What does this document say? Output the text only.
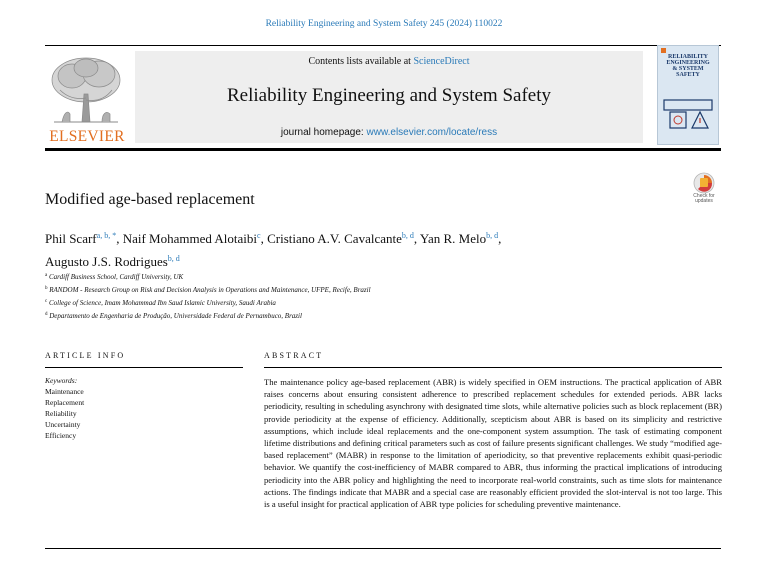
Reliability Engineering and System Safety 245 (2024) 110022
ELSEVIER
Contents lists available at ScienceDirect
Reliability Engineering and System Safety
journal homepage: www.elsevier.com/locate/ress
RELIABILITY
ENGINEERING
& SYSTEM
SAFETY
Check for
updates
Modified age-based replacement
Phil Scarf$^{a, b, *}$, Naif Mohammed Alotaibi$^c$, Cristiano A.V. Cavalcante$^{b, d}$, Yan R. Melo$^{b, d}$,
Augusto J.S. Rodrigues$^{b, d}$
$^a$ Cardiff Business School, Cardiff University, UK
$^b$ RANDOM - Research Group on Risk and Decision Analysis in Operations and Maintenance, UFPE, Recife, Brazil
$^c$ College of Science, Imam Mohammad Ibn Saud Islamic University, Saudi Arabia
$^d$ Departamento de Engenharia de Produção, Universidade Federal de Pernambuco, Brazil
ARTICLE INFO
Keywords:
Maintenance
Replacement
Reliability
Uncertainty
Efficiency
ABSTRACT
The maintenance policy age-based replacement (ABR) is widely specified in OEM instructions. The practical application of ABR raises concerns about ensuring consistent adherence to prescribed replacement schedules for extended periods. ABR lacks periodicity, resulting in scheduling asynchrony with designated time slots, while alternative policies such as block replacement (BR) provide periodicity at the expense of efficiency. Additionally, scepticism about ABR is based on its simplicity and restrictive assumptions, which include ideal replacements and the one-component system assumption. The task of estimating component lifetime distributions and defining critical parameters such as cost of failure presents significant challenges. We study “modified age-based replacement” (MABR) in response to the limitation of aperiodicity, so that preventive replacements exhibit quasi-periodic behavior. We quantify the cost-inefficiency of MABR compared to ABR, thus informing the practical implications of introducing periodicity into the ABR policy and highlighting the need to incorporate real-world constraints, such as time slots for maintenance actions. The findings indicate that MABR and a special case are reasonably efficient provided the slot-interval is not too large. This is a useful insight for practical application of ABR type policies for scheduling preventive maintenance.
